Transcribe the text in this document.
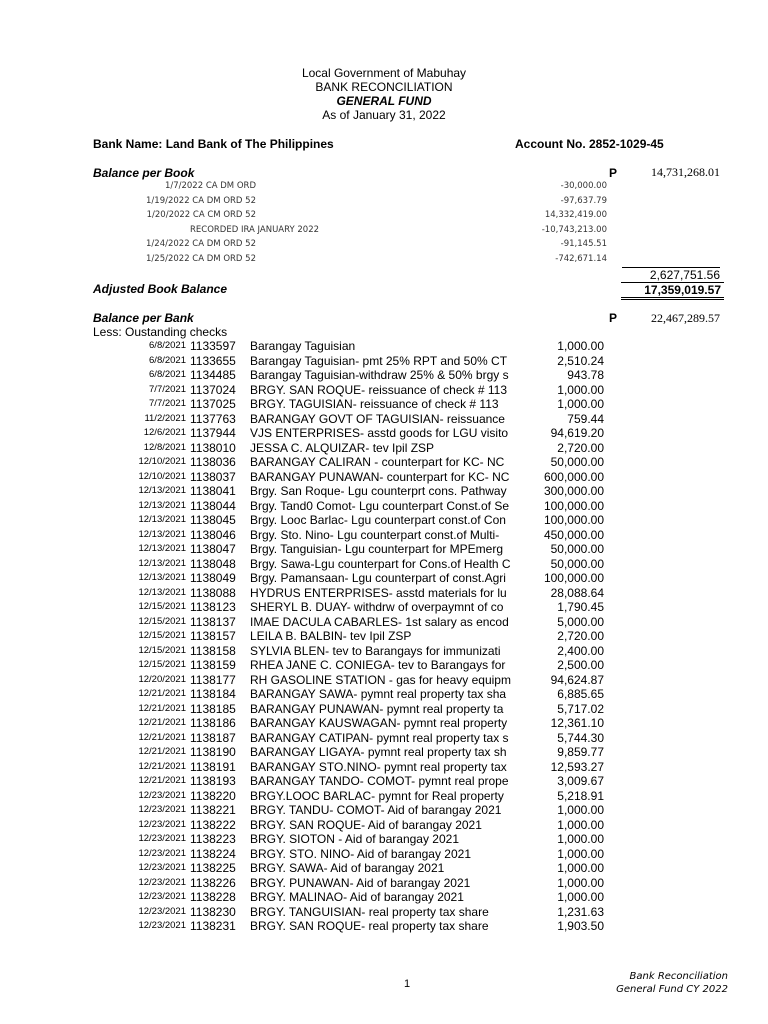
Local Government of Mabuhay
BANK RECONCILIATION
GENERAL FUND
As of January 31, 2022
Bank Name: Land Bank of The Philippines	Account No. 2852-1029-45
Balance per Book	P	14,731,268.01
1/7/2022 CA DM ORD	-30,000.00
1/19/2022 CA DM ORD 52	-97,637.79
1/20/2022 CA CM ORD 52	14,332,419.00
RECORDED IRA JANUARY 2022	-10,743,213.00
1/24/2022 CA DM ORD 52	-91,145.51
1/25/2022 CA DM ORD 52	-742,671.14
2,627,751.56
Adjusted Book Balance	17,359,019.57
Balance per Bank	P	22,467,289.57
Less: Oustanding checks
6/8/2021 1133597 Barangay Taguisian	1,000.00
6/8/2021 1133655 Barangay Taguisian- pmt 25% RPT and 50% CT	2,510.24
6/8/2021 1134485 Barangay Taguisian-withdraw 25% & 50% brgy s	943.78
7/7/2021 1137024 BRGY. SAN ROQUE- reissuance of check # 113	1,000.00
7/7/2021 1137025 BRGY. TAGUISIAN- reissuance of check # 113	1,000.00
11/2/2021 1137763 BARANGAY GOVT OF TAGUISIAN- reissuance	759.44
12/6/2021 1137944 VJS ENTERPRISES- asstd goods for LGU visito	94,619.20
12/8/2021 1138010 JESSA C. ALQUIZAR- tev Ipil ZSP	2,720.00
12/10/2021 1138036 BARANGAY CALIRAN - counterpart for KC- NC	50,000.00
12/10/2021 1138037 BARANGAY PUNAWAN- counterpart for KC- NC	600,000.00
12/13/2021 1138041 Brgy. San Roque- Lgu counterprt cons. Pathway	300,000.00
12/13/2021 1138044 Brgy. Tand0 Comot- Lgu counterpart Const.of Se	100,000.00
12/13/2021 1138045 Brgy. Looc Barlac- Lgu counterpart const.of Con	100,000.00
12/13/2021 1138046 Brgy. Sto. Nino- Lgu counterpart const.of Multi-	450,000.00
12/13/2021 1138047 Brgy. Tanguisian- Lgu counterpart for MPEmerg	50,000.00
12/13/2021 1138048 Brgy. Sawa-Lgu counterpart for Cons.of Health C	50,000.00
12/13/2021 1138049 Brgy. Pamansaan- Lgu counterpart of const.Agri	100,000.00
12/13/2021 1138088 HYDRUS ENTERPRISES- asstd materials for lu	28,088.64
12/15/2021 1138123 SHERYL B. DUAY- withdrw of overpaymnt of co	1,790.45
12/15/2021 1138137 IMAE DACULA CABARLES- 1st salary as encod	5,000.00
12/15/2021 1138157 LEILA B. BALBIN- tev Ipil ZSP	2,720.00
12/15/2021 1138158 SYLVIA BLEN- tev to Barangays for immunizati	2,400.00
12/15/2021 1138159 RHEA JANE C. CONIEGA- tev to Barangays for	2,500.00
12/20/2021 1138177 RH GASOLINE STATION - gas for heavy equipm	94,624.87
12/21/2021 1138184 BARANGAY SAWA- pymnt real property tax sha	6,885.65
12/21/2021 1138185 BARANGAY PUNAWAN- pymnt real property ta	5,717.02
12/21/2021 1138186 BARANGAY KAUSWAGAN- pymnt real property	12,361.10
12/21/2021 1138187 BARANGAY CATIPAN- pymnt real property tax s	5,744.30
12/21/2021 1138190 BARANGAY LIGAYA- pymnt real property tax sh	9,859.77
12/21/2021 1138191 BARANGAY STO.NINO- pymnt real property tax	12,593.27
12/21/2021 1138193 BARANGAY TANDO- COMOT- pymnt real prope	3,009.67
12/23/2021 1138220 BRGY.LOOC BARLAC- pymnt for Real property	5,218.91
12/23/2021 1138221 BRGY. TANDU- COMOT- Aid of barangay 2021	1,000.00
12/23/2021 1138222 BRGY. SAN ROQUE- Aid of barangay 2021	1,000.00
12/23/2021 1138223 BRGY. SIOTON - Aid of barangay 2021	1,000.00
12/23/2021 1138224 BRGY. STO. NINO- Aid of barangay 2021	1,000.00
12/23/2021 1138225 BRGY. SAWA- Aid of barangay 2021	1,000.00
12/23/2021 1138226 BRGY. PUNAWAN- Aid of barangay 2021	1,000.00
12/23/2021 1138228 BRGY. MALINAO- Aid of barangay 2021	1,000.00
12/23/2021 1138230 BRGY. TANGUISIAN- real property tax share	1,231.63
12/23/2021 1138231 BRGY. SAN ROQUE- real property tax share	1,903.50
1
Bank Reconciliation
General Fund CY 2022
